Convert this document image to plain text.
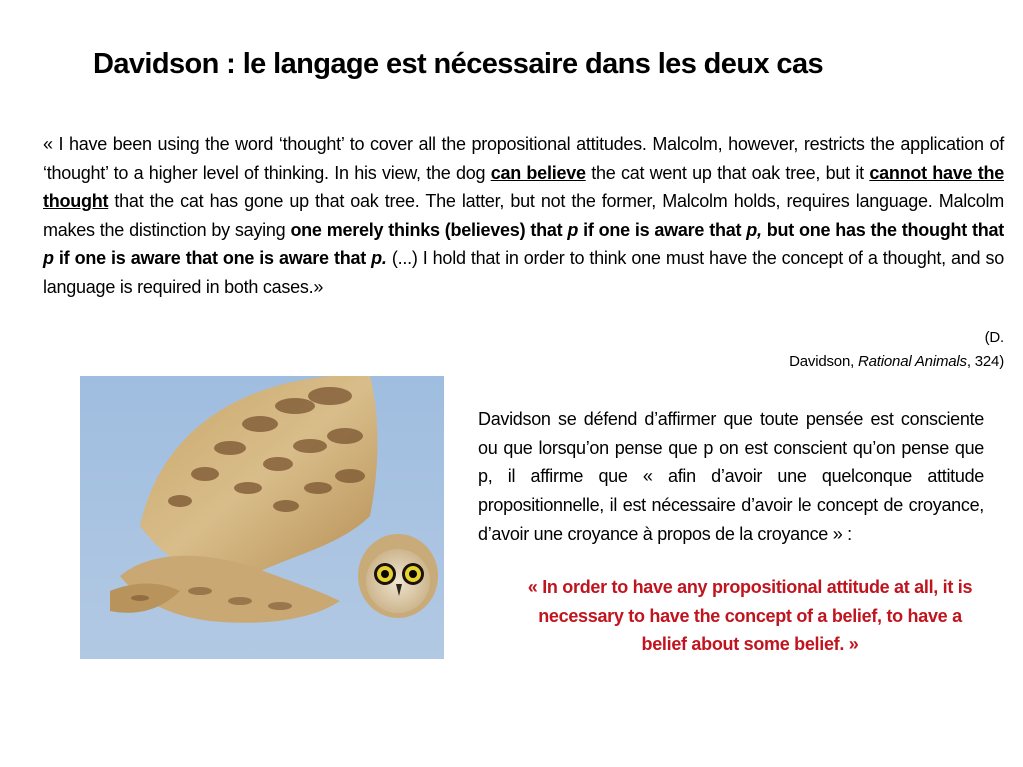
Davidson : le langage est nécessaire dans les deux cas

« I have been using the word ‘thought’ to cover all the propositional attitudes. Malcolm, however, restricts the application of ‘thought’ to a higher level of thinking. In his view, the dog can believe the cat went up that oak tree, but it cannot have the thought that the cat has gone up that oak tree. The latter, but not the former, Malcolm holds, requires language. Malcolm makes the distinction by saying one merely thinks (believes) that p if one is aware that p, but one has the thought that p if one is aware that one is aware that p. (...) I hold that in order to think one must have the concept of a thought, and so language is required in both cases.»

(D.
Davidson, Rational Animals, 324)

Davidson se défend d’affirmer que toute pensée est consciente ou que lorsqu’on pense que p on est conscient qu’on pense que p, il affirme que « afin d’avoir une quelconque attitude propositionnelle, il est nécessaire d’avoir le concept de croyance, d’avoir une croyance à propos de la croyance » :

« In order to have any propositional attitude at all, it is necessary to have the concept of a belief, to have a belief about some belief. »
